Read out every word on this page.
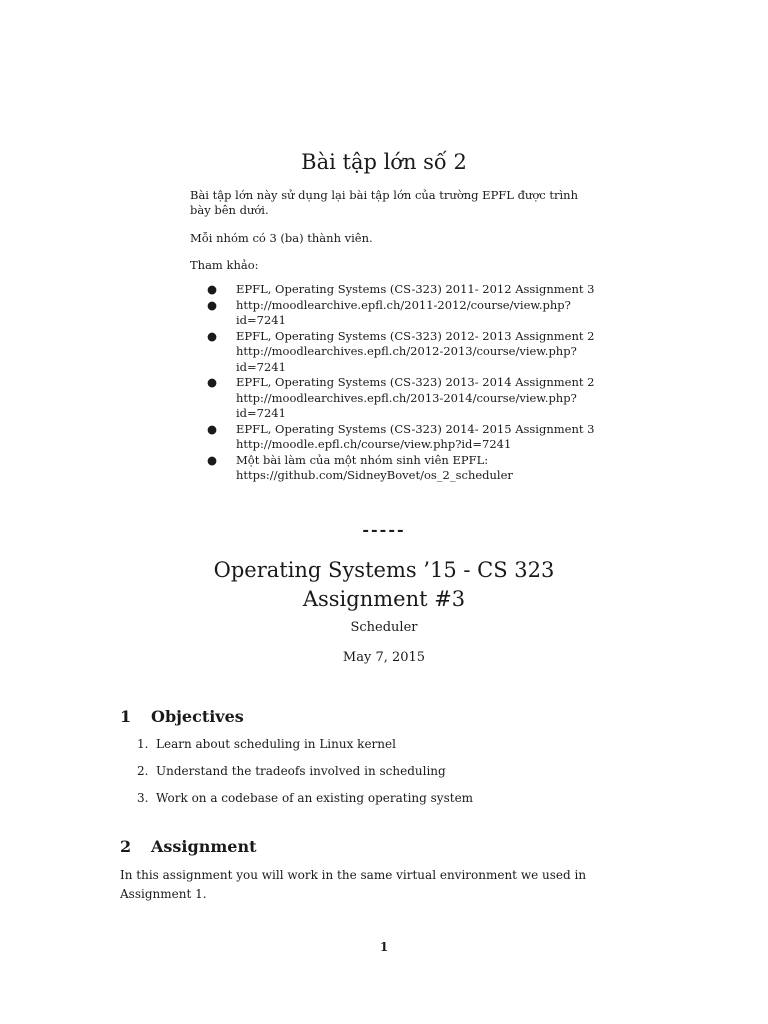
Bài tập lớn số 2

Bài tập lớn này sử dụng lại bài tập lớn của trường EPFL được trình bày bên dưới.

Mỗi nhóm có 3 (ba) thành viên.

Tham khảo:

● EPFL, Operating Systems (CS-323) 2011- 2012 Assignment 3
● http://moodlearchive.epfl.ch/2011-2012/course/view.php?id=7241
● EPFL, Operating Systems (CS-323) 2012- 2013 Assignment 2 http://moodlearchives.epfl.ch/2012-2013/course/view.php?id=7241
● EPFL, Operating Systems (CS-323) 2013- 2014 Assignment 2 http://moodlearchives.epfl.ch/2013-2014/course/view.php?id=7241
● EPFL, Operating Systems (CS-323) 2014- 2015 Assignment 3 http://moodle.epfl.ch/course/view.php?id=7241
● Một bài làm của một nhóm sinh viên EPFL: https://github.com/SidneyBovet/os_2_scheduler
-----
Operating Systems ’15 - CS 323
Assignment #3
Scheduler
May 7, 2015
1 Objectives
1. Learn about scheduling in Linux kernel
2. Understand the tradeofs involved in scheduling
3. Work on a codebase of an existing operating system
2 Assignment

In this assignment you will work in the same virtual environment we used in Assignment 1.

1
